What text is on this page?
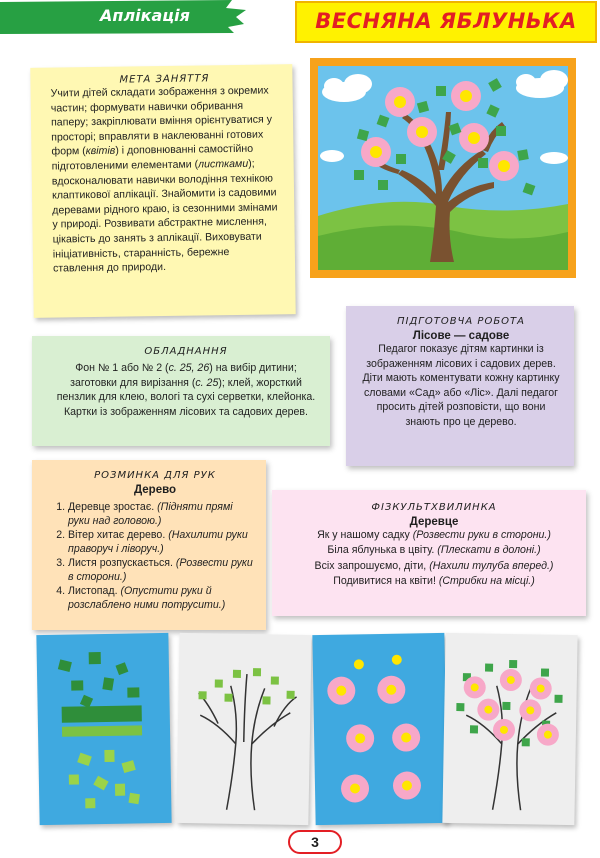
Аплікація	ВЕСНЯНА ЯБЛУНЬКА
МЕТА ЗАНЯТТЯ

Учити дітей складати зображення з окремих частин; формувати навички обривання паперу; закріплювати вміння орієнтуватися у просторі; вправляти в наклеюванні готових форм (квітів) і доповнюванні самостійно підготовленими елементами (листками); вдосконалювати навички володіння технікою клаптикової аплікації. Знайомити із садовими деревами рідного краю, із сезонними змінами у природі. Розвивати абстрактне мислення, цікавість до занять з аплікації. Виховувати ініціативність, старанність, бережне ставлення до природи.

ОБЛАДНАННЯ

Фон № 1 або № 2 (с. 25, 26) на вибір дитини; заготовки для вирізання (с. 25); клей, жорсткий пензлик для клею, вологі та сухі серветки, клейонка. Картки із зображенням лісових та садових дерев.

ПІДГОТОВЧА РОБОТА
Лісове — садове

Педагог показує дітям картинки із зображенням лісових і садових дерев. Діти мають коментувати кожну картинку словами «Сад» або «Ліс». Далі педагог просить дітей розповісти, що вони знають про це дерево.

РОЗМИНКА ДЛЯ РУК
Дерево
1. Деревце зростає. (Підняти прямі руки над головою.)
2. Вітер хитає дерево. (Нахилити руки праворуч і ліворуч.)
3. Листя розпускається. (Розвести руки в сторони.)
4. Листопад. (Опустити руки й розслаблено ними потрусити.)
ФІЗКУЛЬТХВИЛИНКА
Деревце

Як у нашому садку (Розвести руки в сторони.)

Біла яблунька в цвіту. (Плескати в долоні.)

Всіх запрошуємо, діти, (Нахили тулуба вперед.)

Подивитися на квіти! (Стрибки на місці.)

3
